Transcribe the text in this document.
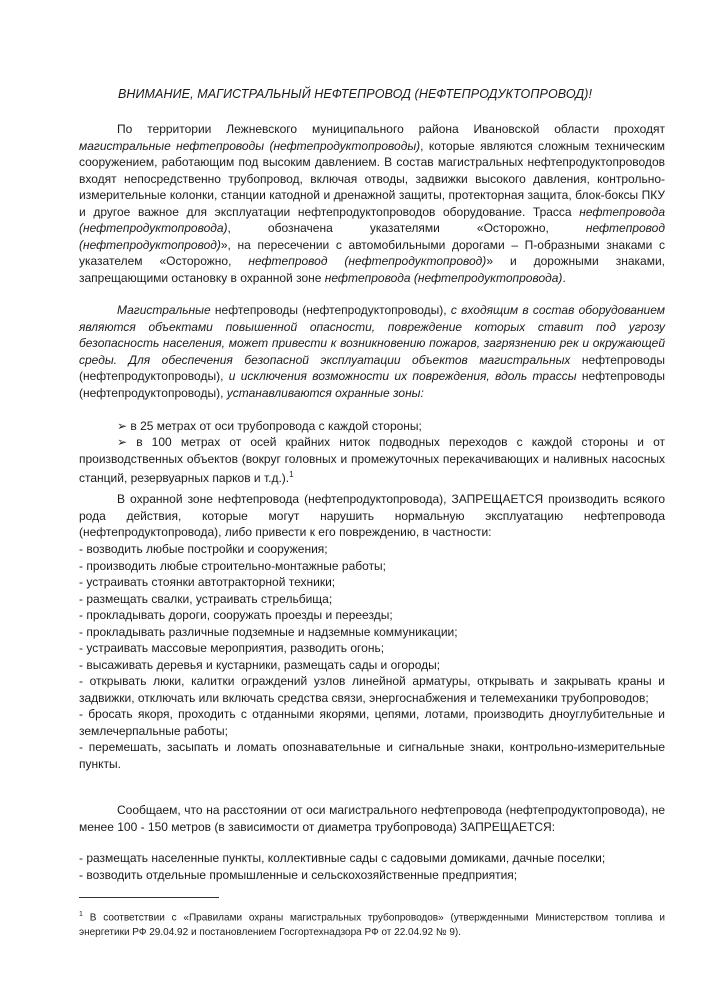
ВНИМАНИЕ, МАГИСТРАЛЬНЫЙ НЕФТЕПРОВОД (НЕФТЕПРОДУКТОПРОВОД)!
По территории Лежневского муниципального района Ивановской области проходят магистральные нефтепроводы (нефтепродуктопроводы), которые являются сложным техническим сооружением, работающим под высоким давлением. В состав магистральных нефтепродуктопроводов входят непосредственно трубопровод, включая отводы, задвижки высокого давления, контрольно-измерительные колонки, станции катодной и дренажной защиты, протекторная защита, блок-боксы ПКУ и другое важное для эксплуатации нефтепродуктопроводов оборудование. Трасса нефтепровода (нефтепродуктопровода), обозначена указателями «Осторожно, нефтепровод (нефтепродуктопровод)», на пересечении с автомобильными дорогами – П-образными знаками с указателем «Осторожно, нефтепровод (нефтепродуктопровод)» и дорожными знаками, запрещающими остановку в охранной зоне нефтепровода (нефтепродуктопровода).
Магистральные нефтепроводы (нефтепродуктопроводы), с входящим в состав оборудованием являются объектами повышенной опасности, повреждение которых ставит под угрозу безопасность населения, может привести к возникновению пожаров, загрязнению рек и окружающей среды. Для обеспечения безопасной эксплуатации объектов магистральных нефтепроводы (нефтепродуктопроводы), и исключения возможности их повреждения, вдоль трассы нефтепроводы (нефтепродуктопроводы), устанавливаются охранные зоны:
➢ в 25 метрах от оси трубопровода с каждой стороны;
➢ в 100 метрах от осей крайних ниток подводных переходов с каждой стороны и от производственных объектов (вокруг головных и промежуточных перекачивающих и наливных насосных станций, резервуарных парков и т.д.).$^1$
В охранной зоне нефтепровода (нефтепродуктопровода), ЗАПРЕЩАЕТСЯ производить всякого рода действия, которые могут нарушить нормальную эксплуатацию нефтепровода (нефтепродуктопровода), либо привести к его повреждению, в частности:
- возводить любые постройки и сооружения;
- производить любые строительно-монтажные работы;
- устраивать стоянки автотракторной техники;
- размещать свалки, устраивать стрельбища;
- прокладывать дороги, сооружать проезды и переезды;
- прокладывать различные подземные и надземные коммуникации;
- устраивать массовые мероприятия, разводить огонь;
- высаживать деревья и кустарники, размещать сады и огороды;
- открывать люки, калитки ограждений узлов линейной арматуры, открывать и закрывать краны и задвижки, отключать или включать средства связи, энергоснабжения и телемеханики трубопроводов;
- бросать якоря, проходить с отданными якорями, цепями, лотами, производить дноуглубительные и землечерпальные работы;
- перемешать, засыпать и ломать опознавательные и сигнальные знаки, контрольно-измерительные пункты.
Сообщаем, что на расстоянии от оси магистрального нефтепровода (нефтепродуктопровода), не менее 100 - 150 метров (в зависимости от диаметра трубопровода) ЗАПРЕЩАЕТСЯ:
- размещать населенные пункты, коллективные сады с садовыми домиками, дачные поселки;
- возводить отдельные промышленные и сельскохозяйственные предприятия;
$^1$ В соответствии с «Правилами охраны магистральных трубопроводов» (утвержденными Министерством топлива и энергетики РФ 29.04.92 и постановлением Госгортехнадзора РФ от 22.04.92 № 9).
